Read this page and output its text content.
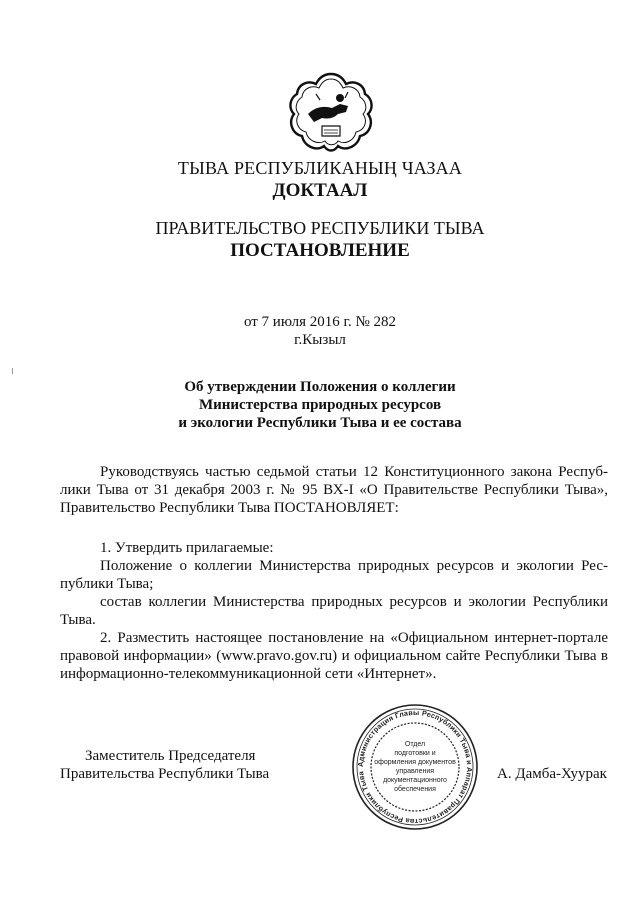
ТЫВА РЕСПУБЛИКАНЫҢ ЧАЗАА
ДОКТААЛ
ПРАВИТЕЛЬСТВО РЕСПУБЛИКИ ТЫВА
ПОСТАНОВЛЕНИЕ
от 7 июля 2016 г. № 282
г.Кызыл
Об утверждении Положения о коллегии
Министерства природных ресурсов
и экологии Республики Тыва и ее состава
Руководствуясь частью седьмой статьи 12 Конституционного закона Респуб-
лики Тыва от 31 декабря 2003 г. № 95 ВХ-I «О Правительстве Республики Тыва»,
Правительство Республики Тыва ПОСТАНОВЛЯЕТ:
1. Утвердить прилагаемые:
Положение о коллегии Министерства природных ресурсов и экологии Рес-
публики Тыва;
состав коллегии Министерства природных ресурсов и экологии Республики
Тыва.
2. Разместить настоящее постановление на «Официальном интернет-портале
правовой информации» (www.pravo.gov.ru) и официальном сайте Республики Тыва в
информационно-телекоммуникационной сети «Интернет».
Заместитель Председателя
Правительства Республики Тыва	А. Дамба-Хуурак
Администрация Главы Республики Тыва и Аппарат Правительства Республики Тыва
Отдел
подготовки и
оформления документов
управления
документационного
обеспечения
